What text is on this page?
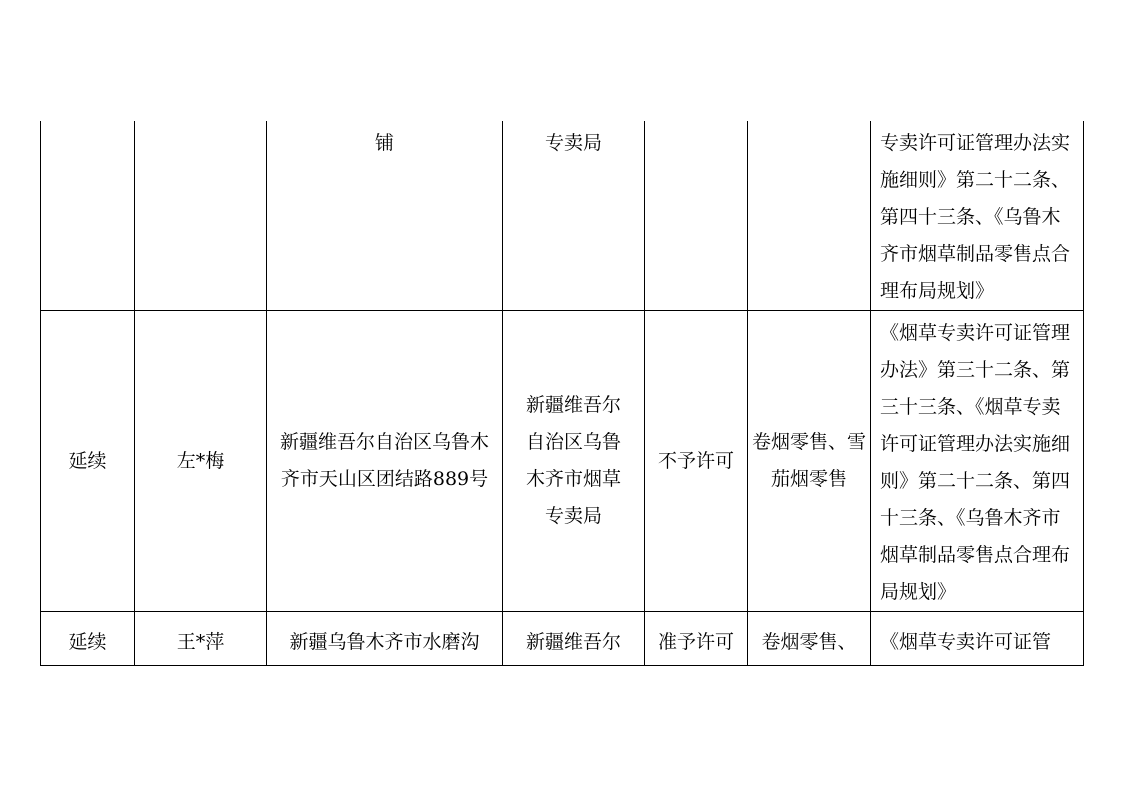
		铺	专卖局			专卖许可证管理办法实施细则》第二十二条、第四十三条、《乌鲁木齐市烟草制品零售点合理布局规划》
延续	左*梅	新疆维吾尔自治区乌鲁木齐市天山区团结路889号	新疆维吾尔自治区乌鲁木齐市烟草专卖局	不予许可	卷烟零售、雪茄烟零售	《烟草专卖许可证管理办法》第三十二条、第三十三条、《烟草专卖许可证管理办法实施细则》第二十二条、第四十三条、《乌鲁木齐市烟草制品零售点合理布局规划》
延续	王*萍	新疆乌鲁木齐市水磨沟	新疆维吾尔	准予许可	卷烟零售、	《烟草专卖许可证管
